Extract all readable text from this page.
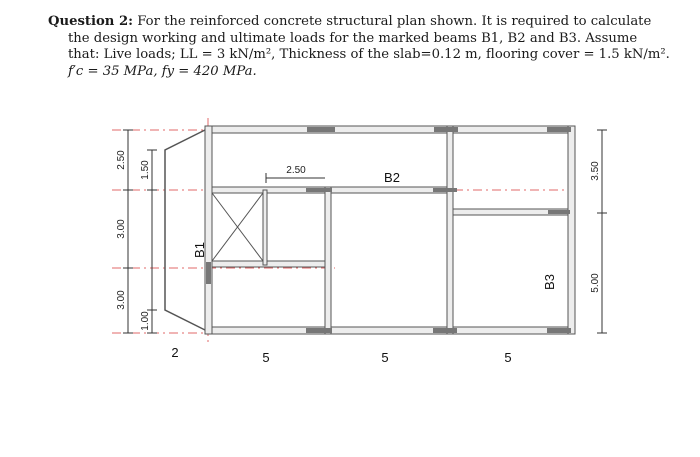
Question 2: For the reinforced concrete structural plan shown. It is required to calculate
the design working and ultimate loads for the marked beams B1, B2 and B3. Assume
that: Live loads; LL = 3 kN/m², Thickness of the slab=0.12 m, flooring cover = 1.5 kN/m².
f′c = 35 MPa, fy = 420 MPa.
2.50
3.00
3.00
1.50
1.00
3.50
5.00
2.50	B2
B1
B3
2	5	5	5
